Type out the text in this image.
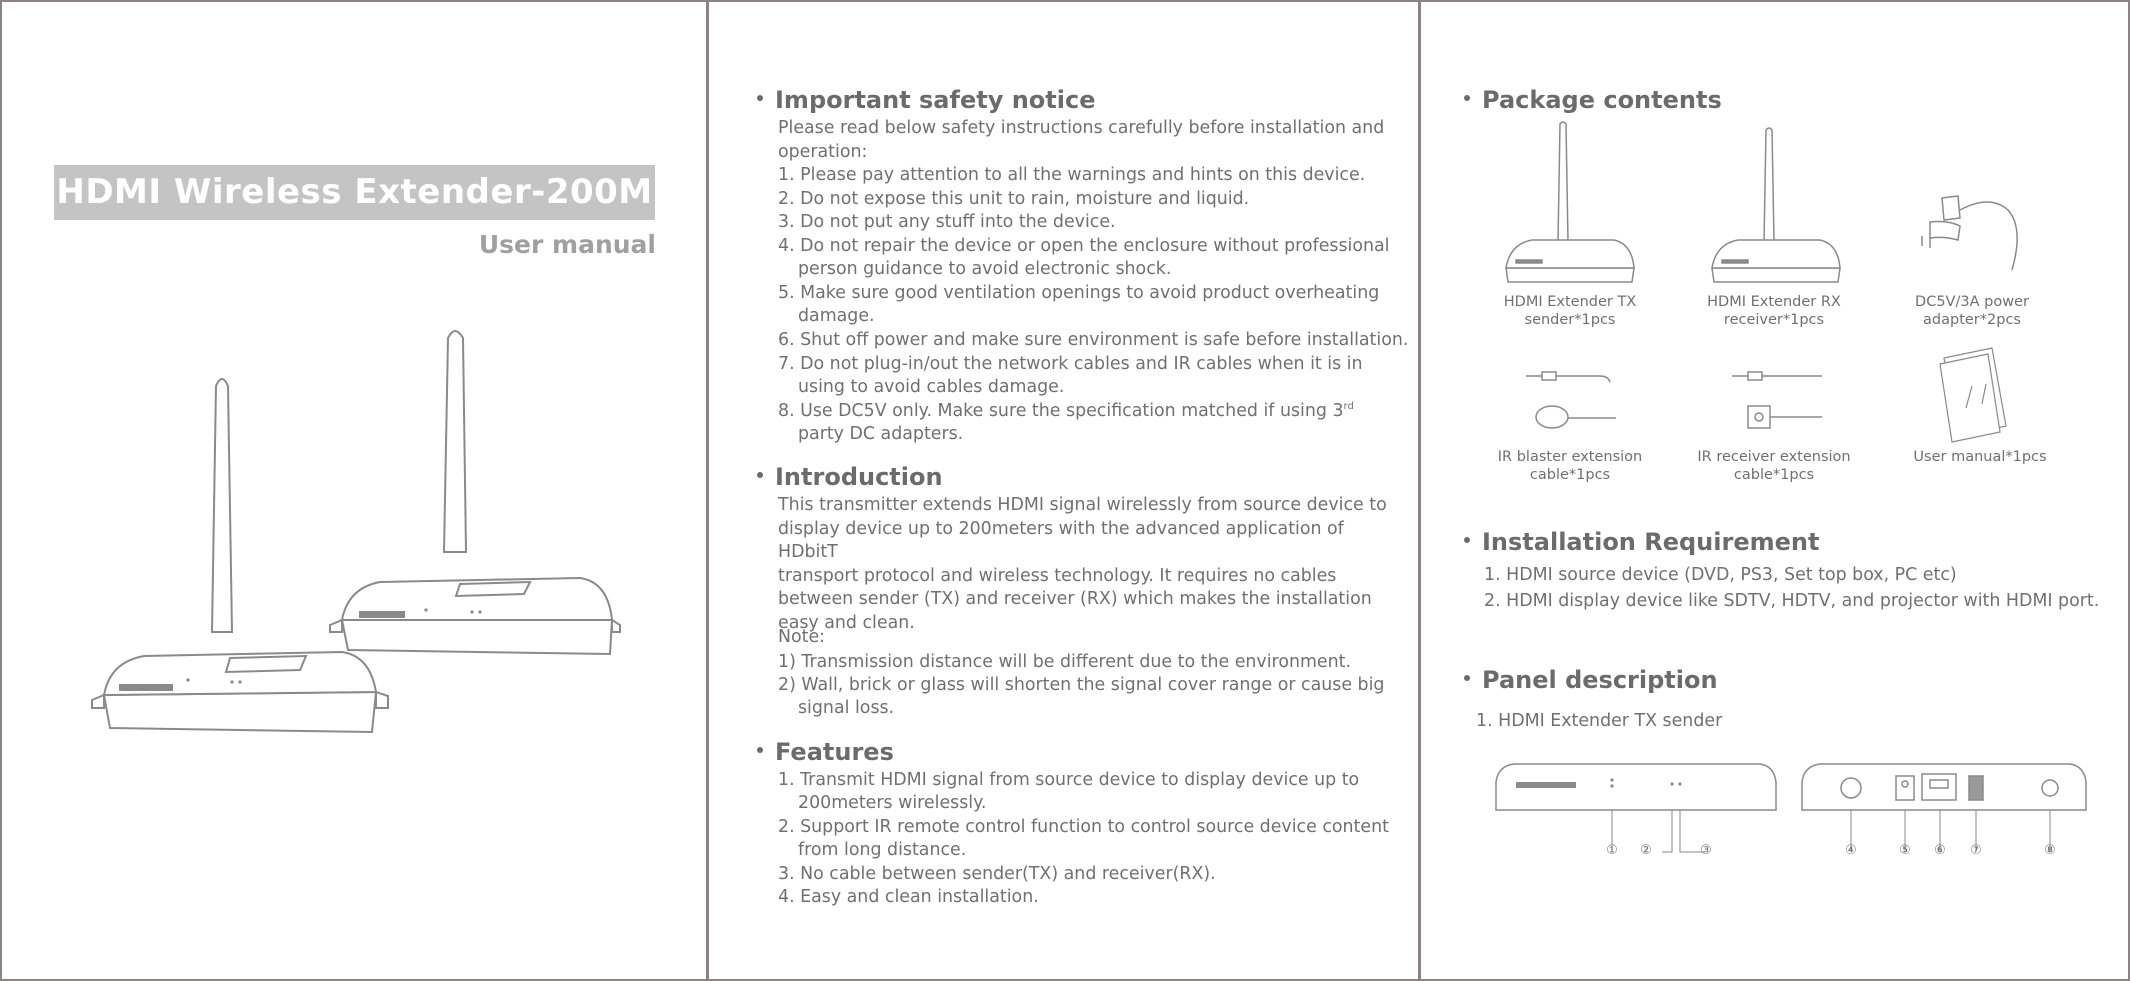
HDMI Wireless Extender-200M
User manual
Important safety notice
Please read below safety instructions carefully before installation and
operation:
1. Please pay attention to all the warnings and hints on this device.
2. Do not expose this unit to rain, moisture and liquid.
3. Do not put any stuff into the device.
4. Do not repair the device or open the enclosure without professional
person guidance to avoid electronic shock.
5. Make sure good ventilation openings to avoid product overheating
damage.
6. Shut off power and make sure environment is safe before installation.
7. Do not plug-in/out the network cables and IR cables when it is in
using to avoid cables damage.
8. Use DC5V only. Make sure the specification matched if using 3rd
party DC adapters.
Introduction
This transmitter extends HDMI signal wirelessly from source device to
display device up to 200meters with the advanced application of HDbitT
transport protocol and wireless technology. It requires no cables
between sender (TX) and receiver (RX) which makes the installation
easy and clean.
Note:
1) Transmission distance will be different due to the environment.
2) Wall, brick or glass will shorten the signal cover range or cause big
signal loss.
Features
1. Transmit HDMI signal from source device to display device up to
200meters wirelessly.
2. Support IR remote control function to control source device content
from long distance.
3. No cable between sender(TX) and receiver(RX).
4. Easy and clean installation.
Package contents
HDMI Extender TX
sender*1pcs
HDMI Extender RX
receiver*1pcs
DC5V/3A power
adapter*2pcs
IR blaster extension
cable*1pcs
IR receiver extension
cable*1pcs
User manual*1pcs
Installation Requirement
1. HDMI source device (DVD, PS3, Set top box, PC etc)
2. HDMI display device like SDTV, HDTV, and projector with HDMI port.
Panel description
1. HDMI Extender TX sender
①	②	③	④	⑤	⑥	⑦	⑧
